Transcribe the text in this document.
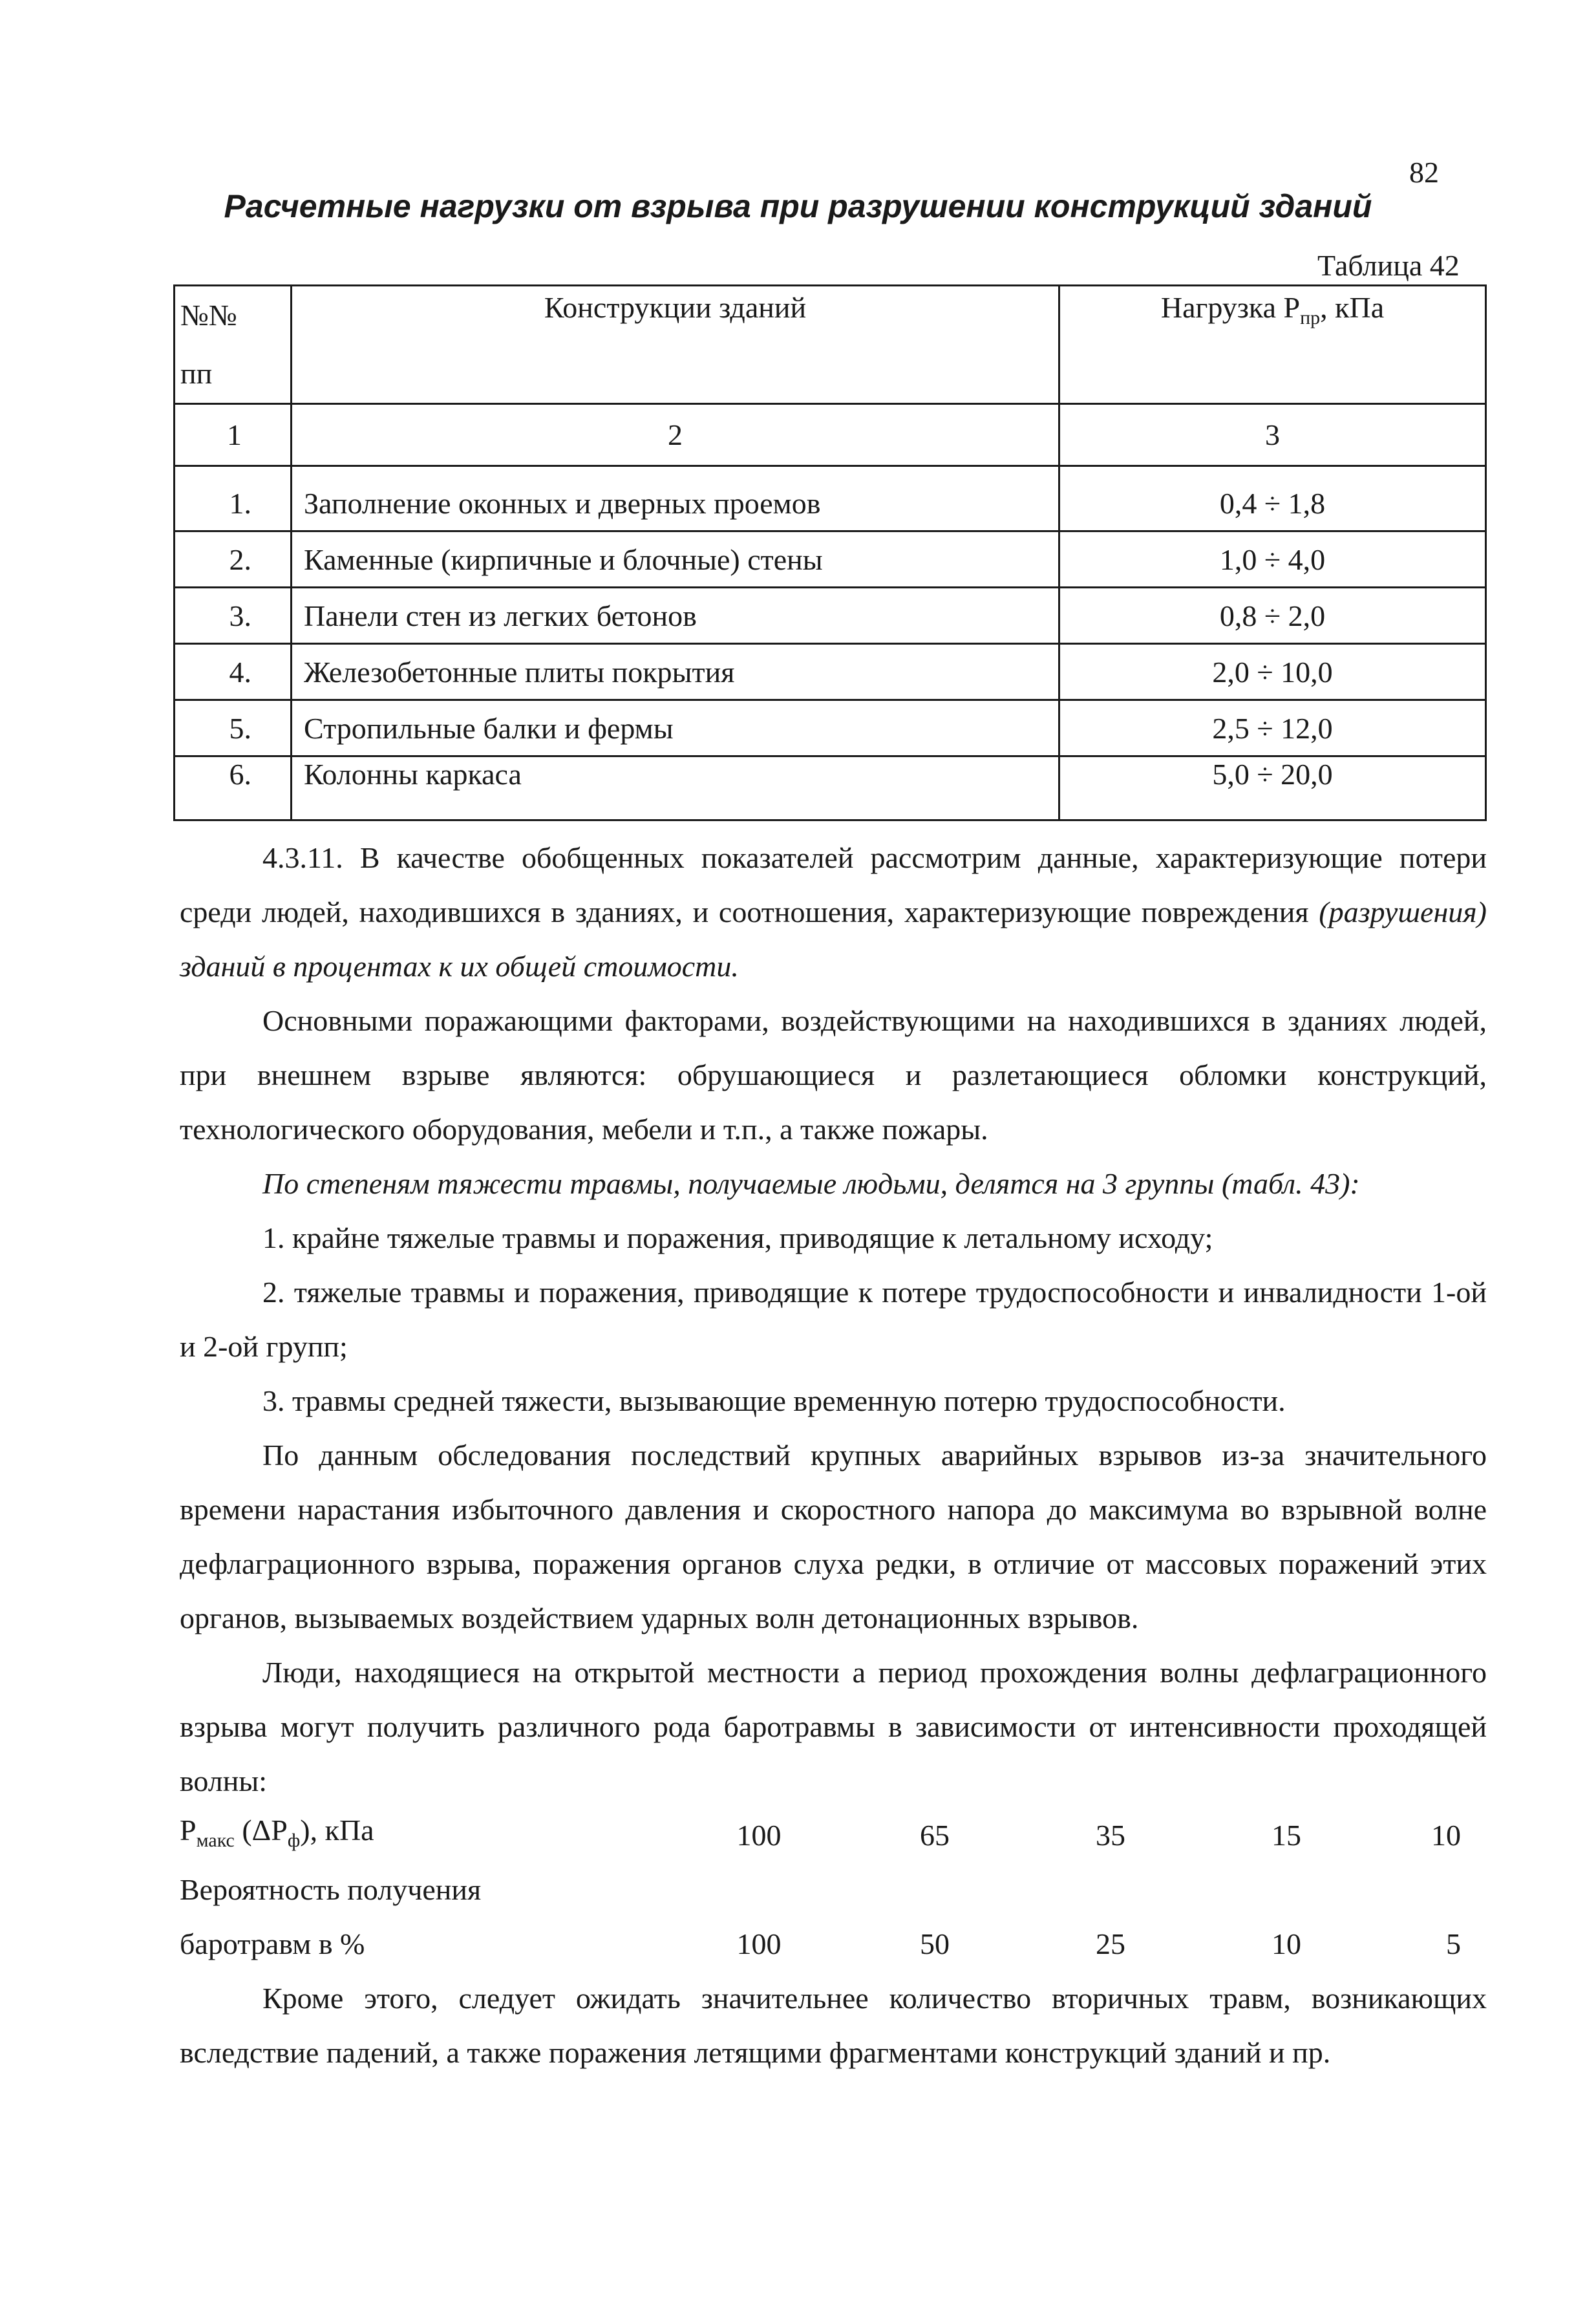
82
Расчетные нагрузки от взрыва при разрушении конструкций зданий
Таблица 42
№№
пп	Конструкции зданий	Нагрузка $Р_{пр}$, кПа
1	2	3
1.	Заполнение оконных и дверных проемов	0,4 ÷ 1,8
2.	Каменные (кирпичные и блочные) стены	1,0 ÷ 4,0
3.	Панели стен из легких бетонов	0,8 ÷ 2,0
4.	Железобетонные плиты покрытия	2,0 ÷ 10,0
5.	Стропильные балки и фермы	2,5 ÷ 12,0
6.	Колонны каркаса	5,0 ÷ 20,0

4.3.11. В качестве обобщенных показателей рассмотрим данные, характеризующие потери среди людей, находившихся в зданиях, и соотношения, характеризующие повреждения (разрушения) зданий в процентах к их общей стоимости.

Основными поражающими факторами, воздействующими на находившихся в зданиях людей, при внешнем взрыве являются: обрушающиеся и разлетающиеся обломки конструкций, технологического оборудования, мебели и т.п., а также пожары.

По степеням тяжести травмы, получаемые людьми, делятся на 3 группы (табл. 43):

1. крайне тяжелые травмы и поражения, приводящие к летальному исходу;

2. тяжелые травмы и поражения, приводящие к потере трудоспособности и инвалидности 1-ой и 2-ой групп;

3. травмы средней тяжести, вызывающие временную потерю трудоспособности.

По данным обследования последствий крупных аварийных взрывов из-за значительного времени нарастания избыточного давления и скоростного напора до максимума во взрывной волне дефлаграционного взрыва, поражения органов слуха редки, в отличие от массовых поражений этих органов, вызываемых воздействием ударных волн детонационных взрывов.

Люди, находящиеся на открытой местности а период прохождения волны дефлаграционного взрыва могут получить различного рода баротравмы в зависимости от интенсивности проходящей волны:

$Р_{макс}$ $(\Delta Р_ф)$, кПа	100	65	35	15	10
Вероятность получения
баротравм в %	100	50	25	10	5

Кроме этого, следует ожидать значительнее количество вторичных травм, возникающих вследствие падений, а также поражения летящими фрагментами конструкций зданий и пр.
